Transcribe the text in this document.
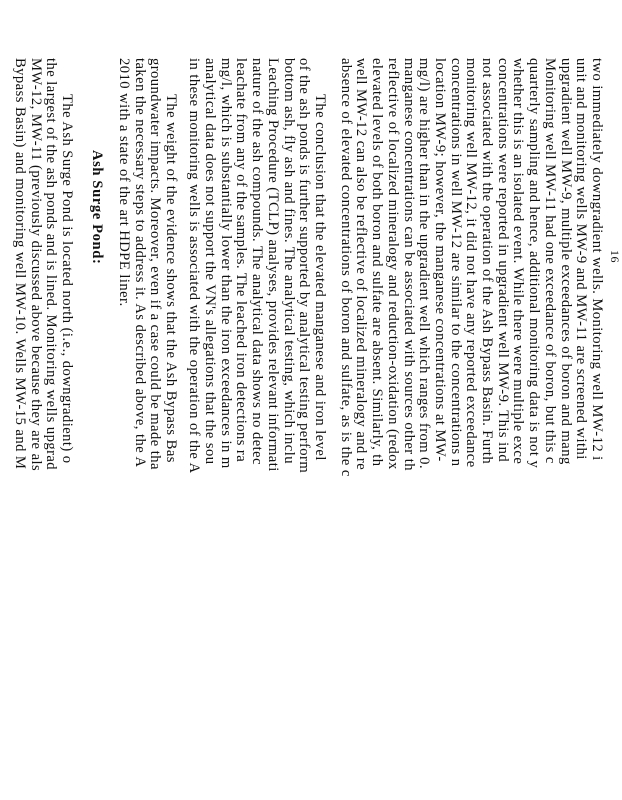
16
two immediately downgradient wells. Monitoring well MW-12 i
unit and monitoring wells MW-9 and MW-11 are screened withi
upgradient well MW-9, multiple exceedances of boron and mang
Monitoring well MW-11 had one exceedance of boron, but this c
quarterly sampling and hence, additional monitoring data is not y
whether this is an isolated event. While there were multiple exce
concentrations were reported in upgradient well MW-9. This ind
not associated with the operation of the Ash Bypass Basin. Furth
monitoring well MW-12, it did not have any reported exceedance
concentrations in well MW-12 are similar to the concentrations n
location MW-9; however, the manganese concentrations at MW-
mg/l) are higher than in the upgradient well which ranges from 0.
manganese concentrations can be associated with sources other th
reflective of localized mineralogy and reduction-oxidation (redox
elevated levels of both boron and sulfate are absent. Similarly, th
well MW-12 can also be reflective of localized mineralogy and re
absence of elevated concentrations of boron and sulfate, as is the c
The conclusion that the elevated manganese and iron level
of the ash ponds is further supported by analytical testing perform
bottom ash, fly ash and fines. The analytical testing, which inclu
Leaching Procedure (TCLP) analyses, provides relevant informati
nature of the ash compounds. The analytical data shows no detec
leachate from any of the samples. The leached iron detections ra
mg/l, which is substantially lower than the iron exceedances in m
analytical data does not support the VN's allegations that the sou
in these monitoring wells is associated with the operation of the A
The weight of the evidence shows that the Ash Bypass Bas
groundwater impacts. Moreover, even if a case could be made tha
taken the necessary steps to address it. As described above, the A
2010 with a state of the art HDPE liner.
Ash Surge Pond:
The Ash Surge Pond is located north (i.e., downgradient) o
the largest of the ash ponds and is lined. Monitoring wells upgrad
MW-12, MW-11 (previously discussed above because they are als
Bypass Basin) and monitoring well MW-10. Wells MW-15 and M
